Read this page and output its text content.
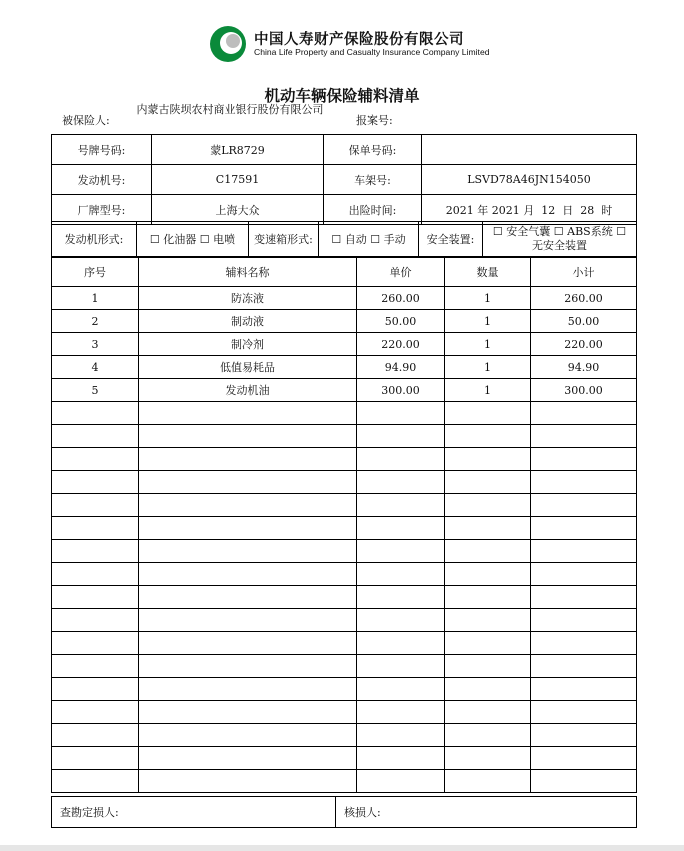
中国人寿财产保险股份有限公司
China Life Property and Casualty Insurance Company Limited
机动车辆保险辅料清单
被保险人:
内蒙古陕坝农村商业银行股份有限公司
报案号:
号牌号码:	蒙LR8729	保单号码:	
发动机号:	C17591	车架号:	LSVD78A46JN154050
厂牌型号:	上海大众	出险时间:	2021 年 2021 月  12  日  28  时
发动机形式:	☐ 化油器 ☐ 电喷	变速箱形式:	☐ 自动 ☐ 手动	安全装置:	
☐ 安全气囊 ☐ ABS系统 ☐
无安全装置
序号	辅料名称	单价	数量	小计
1	防冻液	260.00	1	260.00
2	制动液	50.00	1	50.00
3	制冷剂	220.00	1	220.00
4	低值易耗品	94.90	1	94.90
5	发动机油	300.00	1	300.00

查勘定损人:	核损人:
